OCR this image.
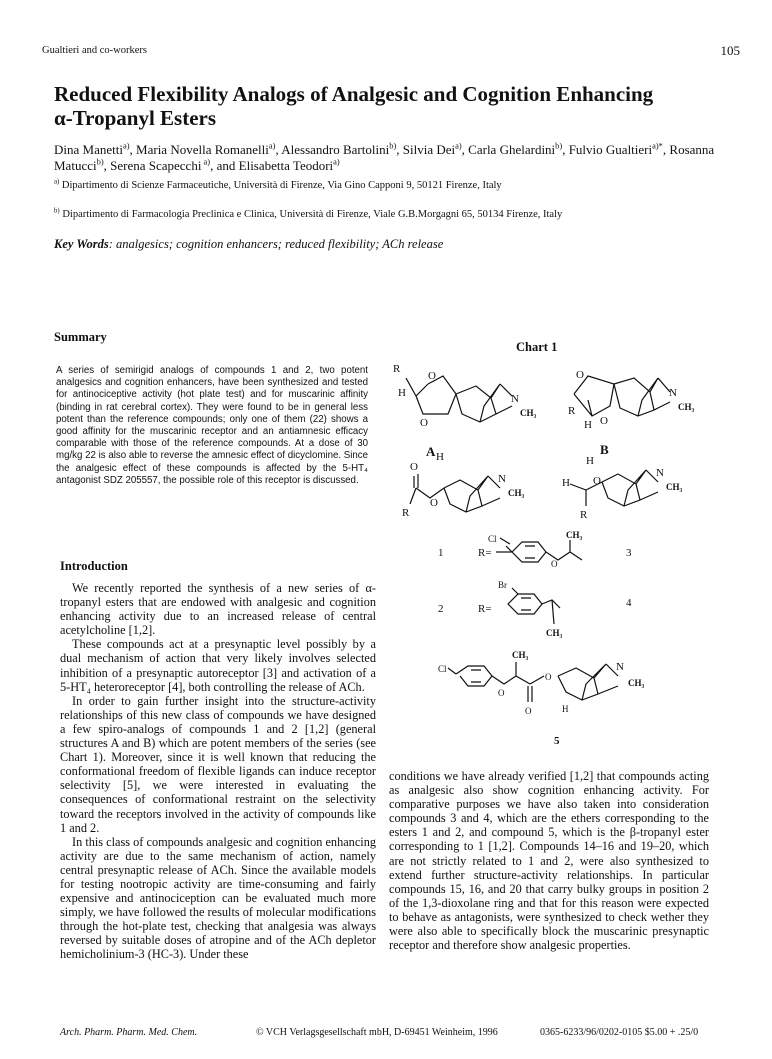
Gualtieri and co-workers	105
Reduced Flexibility Analogs of Analgesic and Cognition Enhancing
α-Tropanyl Esters
Dina Manetti$^{a)}$, Maria Novella Romanelli$^{a)}$, Alessandro Bartolini$^{b)}$, Silvia Dei$^{a)}$, Carla Ghelardini$^{b)}$, Fulvio Gualtieri$^{a)*}$, Rosanna Matucci$^{b)}$, Serena Scapecchi $^{a)}$, and Elisabetta Teodori$^{a)}$
$^{a)}$ Dipartimento di Scienze Farmaceutiche, Università di Firenze, Via Gino Capponi 9, 50121 Firenze, Italy
$^{b)}$ Dipartimento di Farmacologia Preclinica e Clinica, Università di Firenze, Viale G.B.Morgagni 65, 50134 Firenze, Italy
Key Words: analgesics; cognition enhancers; reduced flexibility; ACh release
Summary
A series of semirigid analogs of compounds 1 and 2, two potent analgesics and cognition enhancers, have been synthesized and tested for antinociceptive activity (hot plate test) and for muscarinic affinity (binding in rat cerebral cortex). They were found to be in general less potent than the reference compounds; only one of them (22) shows a good affinity for the muscarinic receptor and an antiamnesic efficacy comparable with those of the reference compounds. At a dose of 30 mg/kg 22 is also able to reverse the amnesic effect of dicyclomine. Since the analgesic effect of these compounds is affected by the 5-HT₄ antagonist SDZ 205557, the possible role of this receptor is discussed.
Introduction

We recently reported the synthesis of a new series of α-tropanyl esters that are endowed with analgesic and cognition enhancing activity due to an increased release of central acetylcholine [1,2].

These compounds act at a presynaptic level possibly by a dual mechanism of action that very likely involves selected inhibition of a presynaptic autoreceptor [3] and activation of a 5-HT₄ heteroreceptor [4], both controlling the release of ACh.

In order to gain further insight into the structure-activity relationships of this new class of compounds we have designed a few spiro-analogs of compounds 1 and 2 [1,2] (general structures A and B) which are potent members of the series (see Chart 1). Moreover, since it is well known that reducing the conformational freedom of flexible ligands can induce receptor selectivity [5], we were interested in evaluating the consequences of conformational restraint on the selectivity toward the receptors involved in the activity of compounds like 1 and 2.

In this class of compounds analgesic and cognition enhancing activity are due to the same mechanism of action, namely central presynaptic release of ACh. Since the available models for testing nootropic activity are time-consuming and fairly expensive and antinociception can be evaluated much more simply, we have followed the results of molecular modifications through the hot-plate test, checking that analgesia was always reversed by suitable doses of atropine and of the ACh depletor hemicholinium-3 (HC-3). Under these

conditions we have already verified [1,2] that compounds acting as analgesic also show cognition enhancing activity. For comparative purposes we have also taken into consideration compounds 3 and 4, which are the ethers corresponding to the esters 1 and 2, and compound 5, which is the β-tropanyl ester corresponding to 1 [1,2]. Compounds 14–16 and 19–20, which are not strictly related to 1 and 2, were also synthesized to extend further structure-activity relationships. In particular compounds 15, 16, and 20 that carry bulky groups in position 2 of the 1,3-dioxolane ring and that for this reason were expected to behave as antagonists, were synthesized to check wether they were also able to specifically block the muscarinic presynaptic receptor and therefore show analgesic properties.

Chart 1
R
H
O
O
N
CH₃
A
O
O
R
H
N
CH₃
B
O
O
R
H
N
CH₃
H
H O
R
N
CH₃
1	R=
Cl
O
CH₃
3
2	R=
Br
CH₃
4
Cl
O
CH₃
O
O	H
N
CH₃
5
Arch. Pharm. Pharm. Med. Chem.	© VCH Verlagsgesellschaft mbH, D-69451 Weinheim, 1996	0365-6233/96/0202-0105 $5.00 + .25/0
